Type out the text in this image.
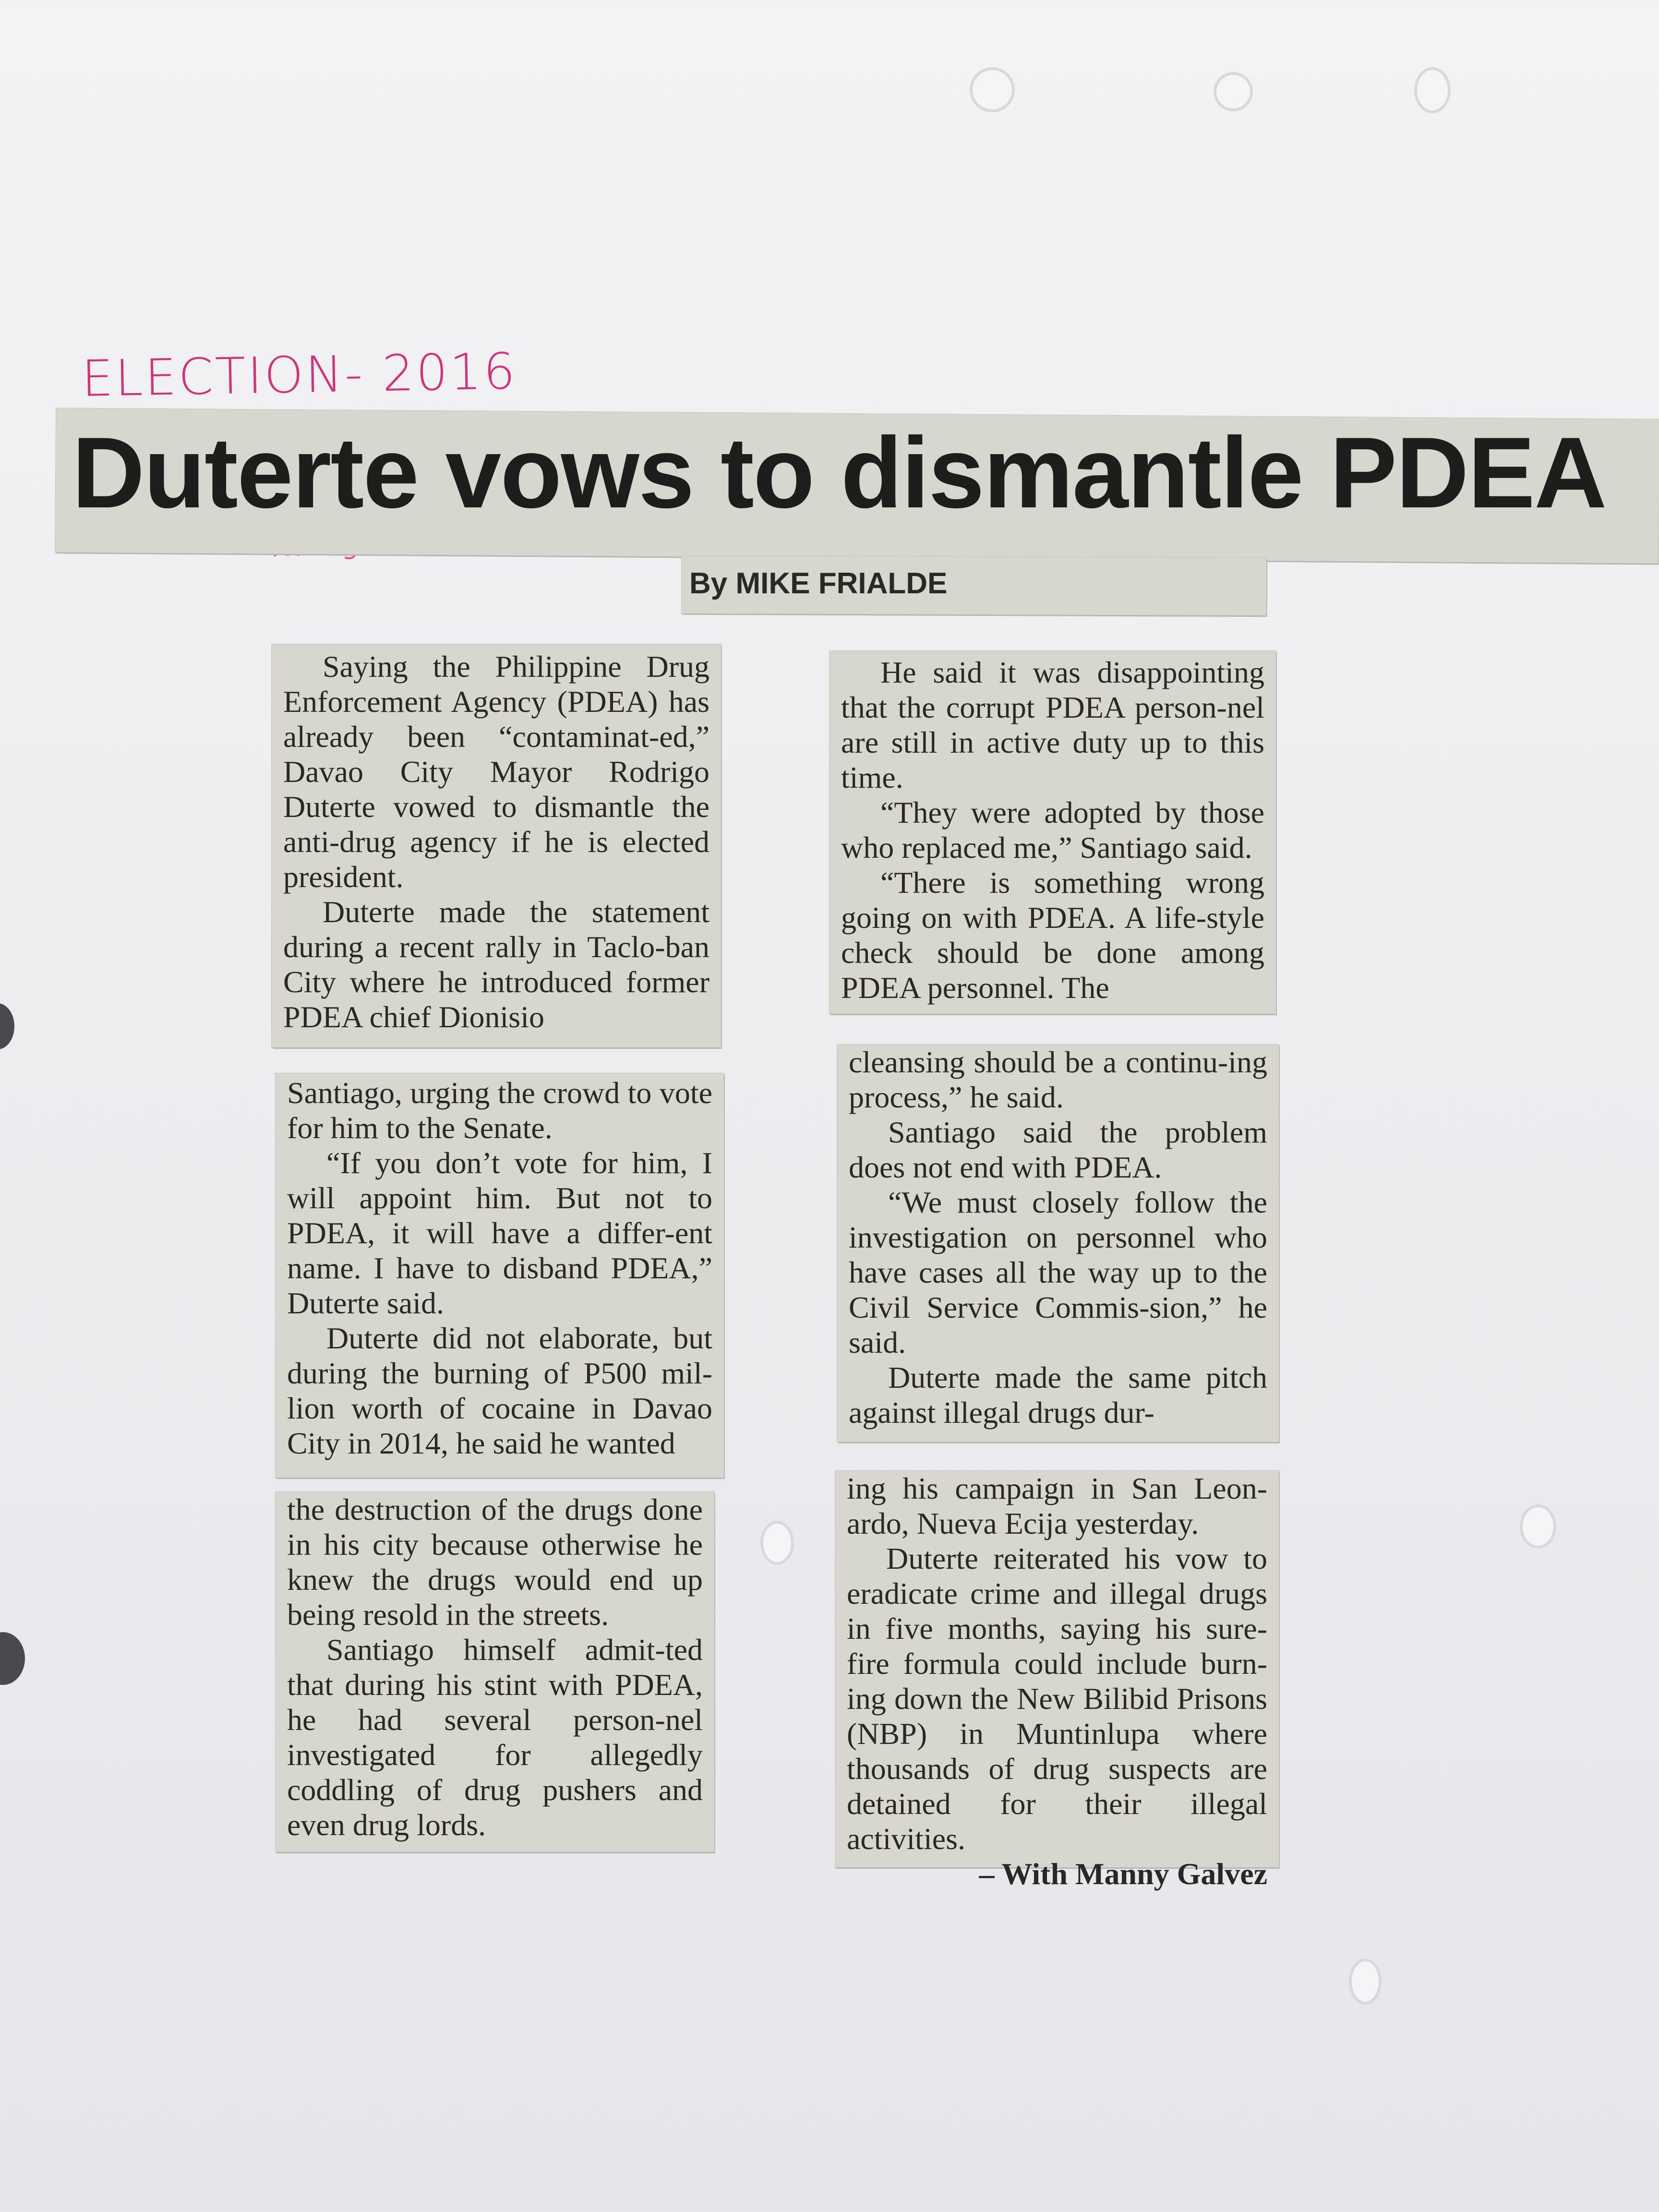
ELECTION- 2016
Duterte vows to dismantle PDEA
By MIKE FRIALDE

Saying the Philippine Drug Enforcement Agency (PDEA) has already been “contaminat-ed,” Davao City Mayor Rodrigo Duterte vowed to dismantle the anti-drug agency if he is elected president.

Duterte made the statement during a recent rally in Taclo-ban City where he introduced former PDEA chief Dionisio

Santiago, urging the crowd to vote for him to the Senate.

“If you don’t vote for him, I will appoint him. But not to PDEA, it will have a differ-ent name. I have to disband PDEA,” Duterte said.

Duterte did not elaborate, but during the burning of P500 mil-lion worth of cocaine in Davao City in 2014, he said he wanted

the destruction of the drugs done in his city because otherwise he knew the drugs would end up being resold in the streets.

Santiago himself admit-ted that during his stint with PDEA, he had several person-nel investigated for allegedly coddling of drug pushers and even drug lords.

He said it was disappointing that the corrupt PDEA person-nel are still in active duty up to this time.

“They were adopted by those who replaced me,” Santiago said.

“There is something wrong going on with PDEA. A life-style check should be done among PDEA personnel. The

cleansing should be a continu-ing process,” he said.

Santiago said the problem does not end with PDEA.

“We must closely follow the investigation on personnel who have cases all the way up to the Civil Service Commis-sion,” he said.

Duterte made the same pitch against illegal drugs dur-

ing his campaign in San Leon-ardo, Nueva Ecija yesterday.

Duterte reiterated his vow to eradicate crime and illegal drugs in five months, saying his sure-fire formula could include burn-ing down the New Bilibid Prisons (NBP) in Muntinlupa where thousands of drug suspects are detained for their illegal activities.

– With Manny Galvez
